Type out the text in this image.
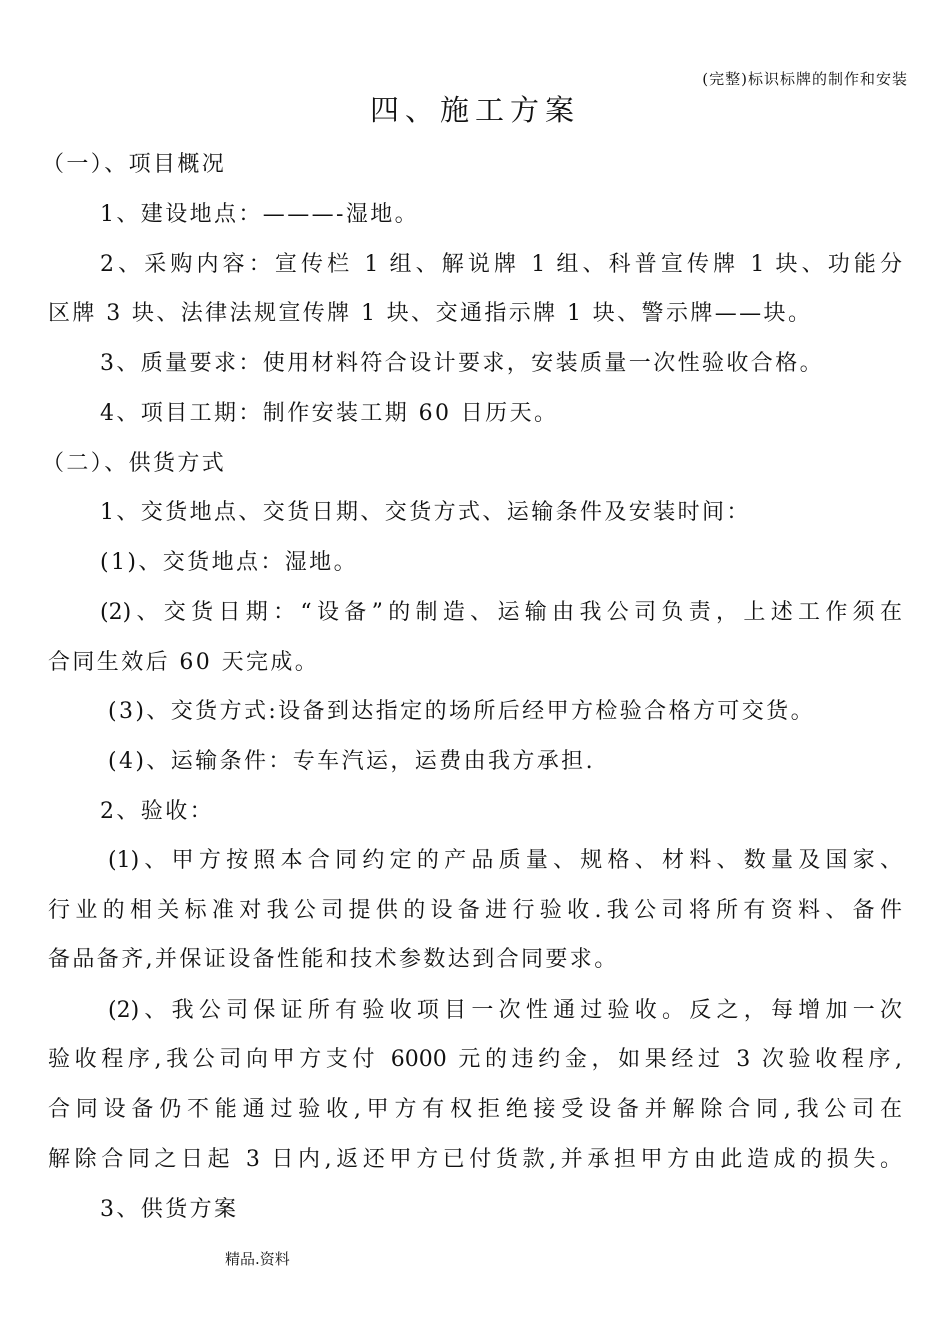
(完整)标识标牌的制作和安装
四、施工方案
（一）、项目概况
1、建设地点：———-湿地。
2、采购内容：宣传栏 1 组、解说牌 1 组、科普宣传牌 1 块、功能分
区牌 3 块、法律法规宣传牌 1 块、交通指示牌 1 块、警示牌——块。
3、质量要求：使用材料符合设计要求，安装质量一次性验收合格。
4、项目工期：制作安装工期 60 日历天。
（二）、供货方式
1、交货地点、交货日期、交货方式、运输条件及安装时间：
(1)、交货地点：湿地。
(2)、交货日期：“设备”的制造、运输由我公司负责，上述工作须在
合同生效后 60 天完成。
(3)、交货方式:设备到达指定的场所后经甲方检验合格方可交货。
(4)、运输条件：专车汽运，运费由我方承担.
2、验收：
(1)、甲方按照本合同约定的产品质量、规格、材料、数量及国家、
行业的相关标准对我公司提供的设备进行验收.我公司将所有资料、备件
备品备齐,并保证设备性能和技术参数达到合同要求。
(2)、我公司保证所有验收项目一次性通过验收。反之，每增加一次
验收程序,我公司向甲方支付 6000 元的违约金，如果经过 3 次验收程序,
合同设备仍不能通过验收,甲方有权拒绝接受设备并解除合同,我公司在
解除合同之日起 3 日内,返还甲方已付货款,并承担甲方由此造成的损失。
3、供货方案
精品.资料
